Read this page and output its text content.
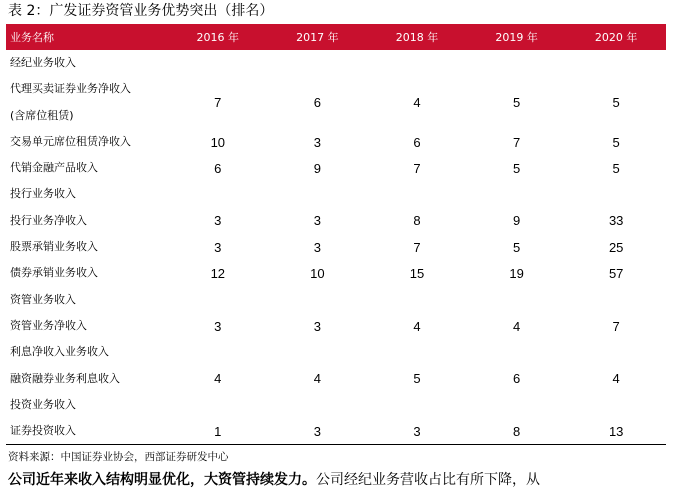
表 2：广发证券资管业务优势突出（排名）
业务名称	2016 年	2017 年	2018 年	2019 年	2020 年
经纪业务收入
代理买卖证券业务净收入
(含席位租赁)
7	6	4	5	5
交易单元席位租赁净收入	10	3	6	7	5
代销金融产品收入	6	9	7	5	5
投行业务收入
投行业务净收入	3	3	8	9	33
股票承销业务收入	3	3	7	5	25
债券承销业务收入	12	10	15	19	57
资管业务收入
资管业务净收入	3	3	4	4	7
利息净收入业务收入
融资融券业务利息收入	4	4	5	6	4
投资业务收入
证券投资收入	1	3	3	8	13
资料来源：中国证券业协会，西部证券研发中心
公司近年来收入结构明显优化，大资管持续发力。公司经纪业务营收占比有所下降，从
